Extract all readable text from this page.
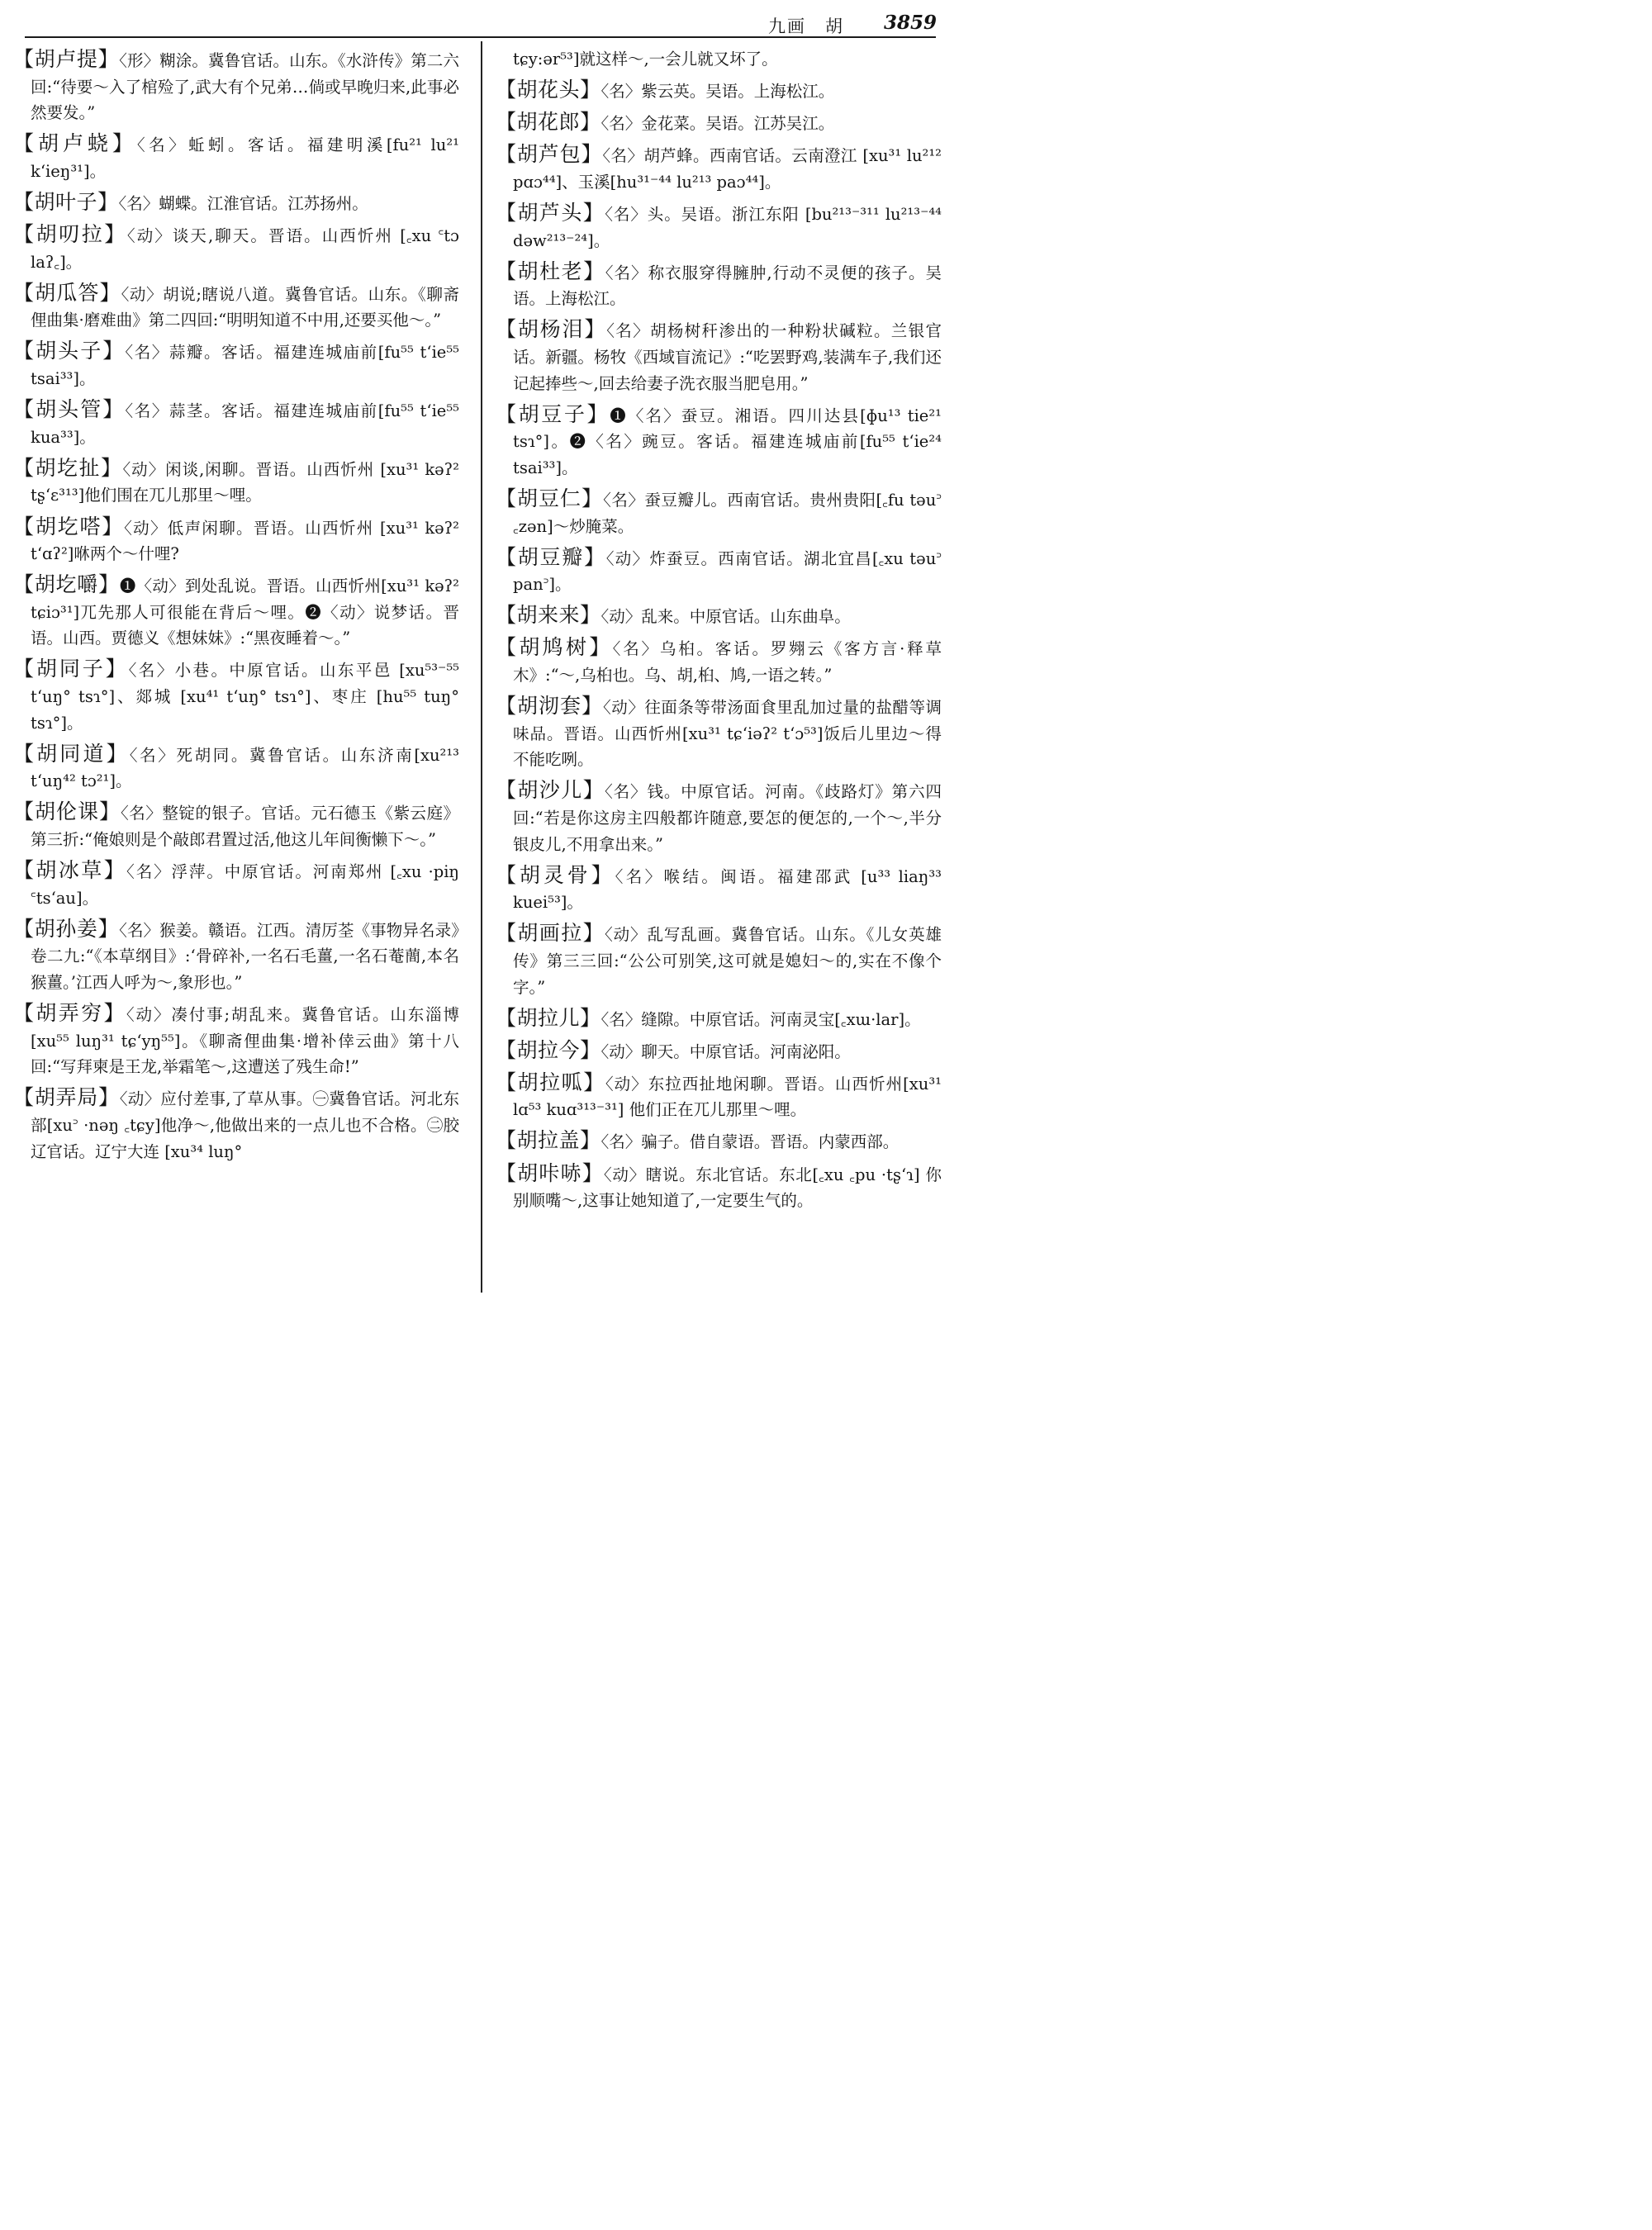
九画　胡 3859
【胡卢提】〈形〉糊涂。冀鲁官话。山东。《水浒传》第二六回:“待要～入了棺殓了,武大有个兄弟…倘或早晚归来,此事必然要发。”
【胡卢蛲】〈名〉蚯蚓。客话。福建明溪[fu²¹ lu²¹ k‘ieŋ³¹]。
【胡叶子】〈名〉蝴蝶。江淮官话。江苏扬州。
【胡叨拉】〈动〉谈天,聊天。晋语。山西忻州 [꜀xu ꜂tɔ laʔ꜀]。
【胡瓜答】〈动〉胡说;瞎说八道。冀鲁官话。山东。《聊斋俚曲集·磨难曲》第二四回:“明明知道不中用,还要买他～。”
【胡头子】〈名〉蒜瓣。客话。福建连城庙前[fu⁵⁵ t‘ie⁵⁵ tsai³³]。
【胡头管】〈名〉蒜茎。客话。福建连城庙前[fu⁵⁵ t‘ie⁵⁵ kua³³]。
【胡圪扯】〈动〉闲谈,闲聊。晋语。山西忻州 [xu³¹ kəʔ² tʂ‘ɛ³¹³]他们围在兀儿那里～哩。
【胡圪嗒】〈动〉低声闲聊。晋语。山西忻州 [xu³¹ kəʔ² t‘ɑʔ²]咻两个～什哩?
【胡圪嚼】❶〈动〉到处乱说。晋语。山西忻州[xu³¹ kəʔ² tɕiɔ³¹]兀先那人可很能在背后～哩。❷〈动〉说梦话。晋语。山西。贾德义《想妹妹》:“黑夜睡着～。”
【胡同子】〈名〉小巷。中原官话。山东平邑 [xu⁵³⁻⁵⁵ t‘uŋ° tsɿ°]、郯城 [xu⁴¹ t‘uŋ° tsɿ°]、枣庄 [hu⁵⁵ tuŋ° tsɿ°]。
【胡同道】〈名〉死胡同。冀鲁官话。山东济南[xu²¹³ t‘uŋ⁴² tɔ²¹]。
【胡伦课】〈名〉整锭的银子。官话。元石德玉《紫云庭》第三折:“俺娘则是个敲郎君置过活,他这儿年间衡懒下～。”
【胡冰草】〈名〉浮萍。中原官话。河南郑州 [꜀xu ·piŋ ꜂ts‘au]。
【胡孙姜】〈名〉猴姜。赣语。江西。清厉荃《事物异名录》卷二九:“《本草纲目》:‘骨碎补,一名石毛薑,一名石菴蕳,本名猴薑。’江西人呼为～,象形也。”
【胡弄穷】〈动〉凑付事;胡乱来。冀鲁官话。山东淄博[xu⁵⁵ luŋ³¹ tɕ‘yŋ⁵⁵]。《聊斋俚曲集·增补倖云曲》第十八回:“写拜柬是王龙,举霜笔～,这遭送了残生命!”
【胡弄局】〈动〉应付差事,了草从事。㊀冀鲁官话。河北东部[xu꜄ ·nəŋ ꜀tɕy]他净～,他做出来的一点儿也不合格。㊁胶辽官话。辽宁大连 [xu³⁴ luŋ°
tɕy:ər⁵³]就这样～,一会儿就又坏了。
【胡花头】〈名〉紫云英。吴语。上海松江。
【胡花郎】〈名〉金花菜。吴语。江苏吴江。
【胡芦包】〈名〉胡芦蜂。西南官话。云南澄江 [xu³¹ lu²¹² pɑɔ⁴⁴]、玉溪[hu³¹⁻⁴⁴ lu²¹³ paɔ⁴⁴]。
【胡芦头】〈名〉头。吴语。浙江东阳 [bu²¹³⁻³¹¹ lu²¹³⁻⁴⁴ dəw²¹³⁻²⁴]。
【胡杜老】〈名〉称衣服穿得臃肿,行动不灵便的孩子。吴语。上海松江。
【胡杨泪】〈名〉胡杨树秆渗出的一种粉状碱粒。兰银官话。新疆。杨牧《西域盲流记》:“吃罢野鸡,装满车子,我们还记起捧些～,回去给妻子洗衣服当肥皂用。”
【胡豆子】❶〈名〉蚕豆。湘语。四川达县[ɸu¹³ tie²¹ tsɿ°]。❷〈名〉豌豆。客话。福建连城庙前[fu⁵⁵ t‘ie²⁴ tsai³³]。
【胡豆仁】〈名〉蚕豆瓣儿。西南官话。贵州贵阳[꜀fu təu꜄ ꜀zən]～炒腌菜。
【胡豆瓣】〈动〉炸蚕豆。西南官话。湖北宜昌[꜀xu təu꜄ pan꜄]。
【胡来来】〈动〉乱来。中原官话。山东曲阜。
【胡鸠树】〈名〉乌桕。客话。罗翙云《客方言·释草木》:“～,乌桕也。乌、胡,桕、鸠,一语之转。”
【胡沏套】〈动〉往面条等带汤面食里乱加过量的盐醋等调味品。晋语。山西忻州[xu³¹ tɕ‘iəʔ² t‘ɔ⁵³]饭后儿里边～得不能吃咧。
【胡沙儿】〈名〉钱。中原官话。河南。《歧路灯》第六四回:“若是你这房主四般都许随意,要怎的便怎的,一个～,半分银皮儿,不用拿出来。”
【胡灵骨】〈名〉喉结。闽语。福建邵武 [u³³ liaŋ³³ kuei⁵³]。
【胡画拉】〈动〉乱写乱画。冀鲁官话。山东。《儿女英雄传》第三三回:“公公可别笑,这可就是媳妇～的,实在不像个字。”
【胡拉儿】〈名〉缝隙。中原官话。河南灵宝[꜀xɯ·lar]。
【胡拉今】〈动〉聊天。中原官话。河南泌阳。
【胡拉呱】〈动〉东拉西扯地闲聊。晋语。山西忻州[xu³¹ lɑ⁵³ kuɑ³¹³⁻³¹] 他们正在兀儿那里～哩。
【胡拉盖】〈名〉骗子。借自蒙语。晋语。内蒙西部。
【胡咔哧】〈动〉瞎说。东北官话。东北[꜀xu ꜀pu ·tʂ‘ɿ] 你别顺嘴～,这事让她知道了,一定要生气的。
